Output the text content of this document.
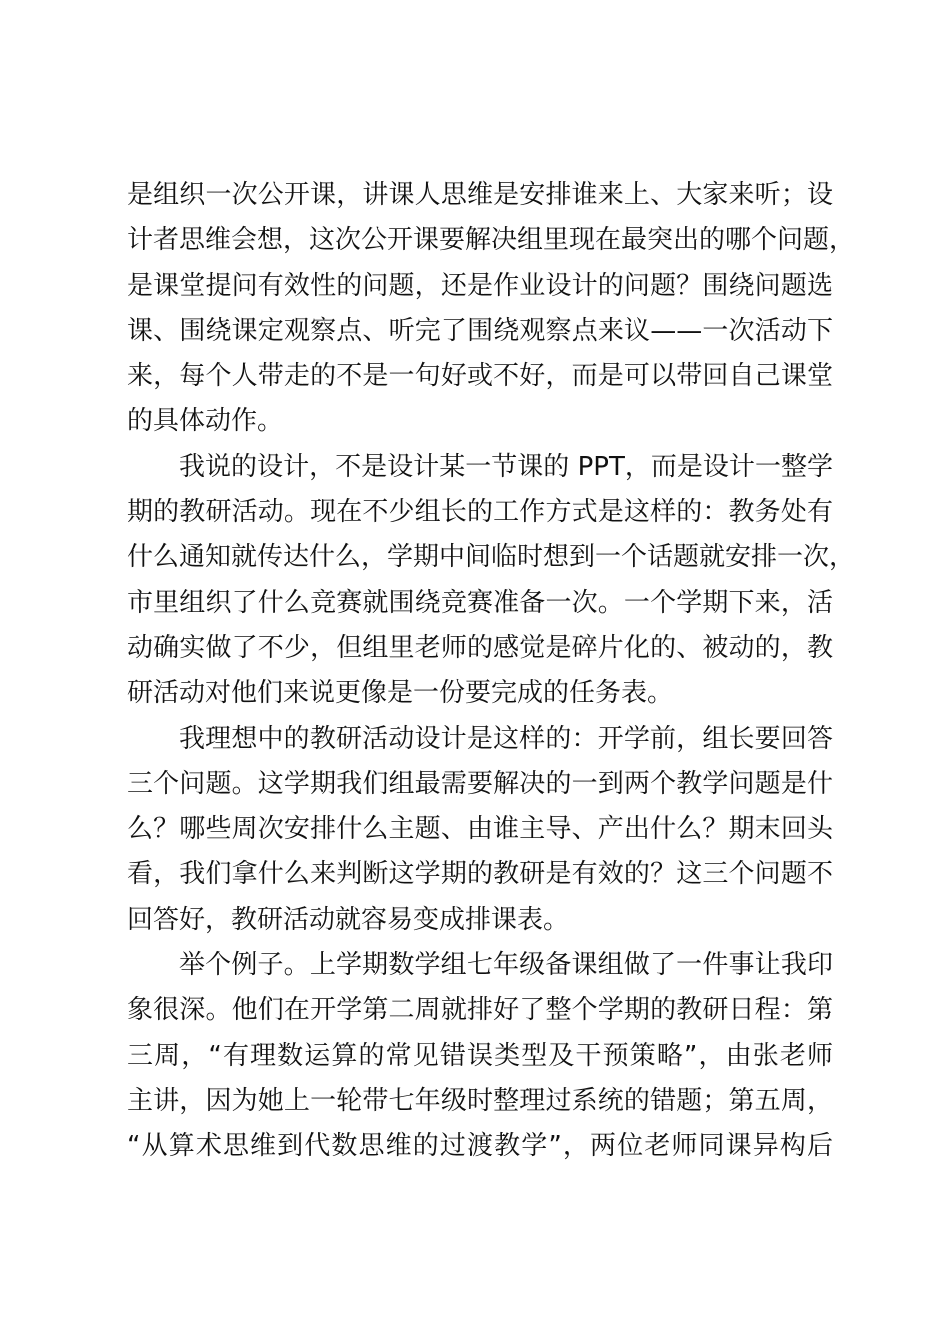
是组织一次公开课，讲课人思维是安排谁来上、大家来听；设
计者思维会想，这次公开课要解决组里现在最突出的哪个问题，
是课堂提问有效性的问题，还是作业设计的问题？围绕问题选
课、围绕课定观察点、听完了围绕观察点来议——一次活动下
来，每个人带走的不是一句好或不好，而是可以带回自己课堂
的具体动作。
我说的设计，不是设计某一节课的 PPT，而是设计一整学
期的教研活动。现在不少组长的工作方式是这样的：教务处有
什么通知就传达什么，学期中间临时想到一个话题就安排一次，
市里组织了什么竞赛就围绕竞赛准备一次。一个学期下来，活
动确实做了不少，但组里老师的感觉是碎片化的、被动的，教
研活动对他们来说更像是一份要完成的任务表。
我理想中的教研活动设计是这样的：开学前，组长要回答
三个问题。这学期我们组最需要解决的一到两个教学问题是什
么？哪些周次安排什么主题、由谁主导、产出什么？期末回头
看，我们拿什么来判断这学期的教研是有效的？这三个问题不
回答好，教研活动就容易变成排课表。
举个例子。上学期数学组七年级备课组做了一件事让我印
象很深。他们在开学第二周就排好了整个学期的教研日程：第
三周，“有理数运算的常见错误类型及干预策略”，由张老师
主讲，因为她上一轮带七年级时整理过系统的错题；第五周，
“从算术思维到代数思维的过渡教学”，两位老师同课异构后
